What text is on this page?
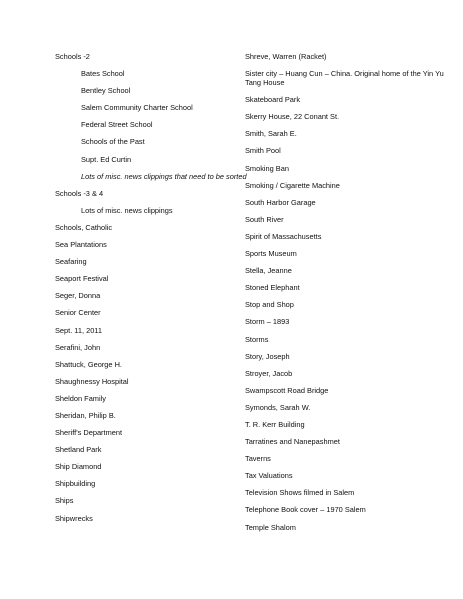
Schools -2
Bates School
Bentley School
Salem Community Charter School
Federal Street School
Schools of the Past
Supt. Ed Curtin
Lots of misc. news clippings that need to be sorted
Schools -3 & 4
Lots of misc. news clippings
Schools, Catholic
Sea Plantations
Seafaring
Seaport Festival
Seger, Donna
Senior Center
Sept. 11, 2011
Serafini, John
Shattuck, George H.
Shaughnessy Hospital
Sheldon Family
Sheridan, Philip B.
Sheriff's Department
Shetland Park
Ship Diamond
Shipbuilding
Ships
Shipwrecks
Shreve, Warren (Racket)
Sister city – Huang Cun – China. Original home of the Yin Yu Tang House
Skateboard Park
Skerry House, 22 Conant St.
Smith, Sarah E.
Smith Pool
Smoking Ban
Smoking / Cigarette Machine
South Harbor Garage
South River
Spirit of Massachusetts
Sports Museum
Stella, Jeanne
Stoned Elephant
Stop and Shop
Storm – 1893
Storms
Story, Joseph
Stroyer, Jacob
Swampscott Road Bridge
Symonds, Sarah W.
T. R. Kerr Building
Tarratines and Nanepashmet
Taverns
Tax Valuations
Television Shows filmed in Salem
Telephone Book cover – 1970 Salem
Temple Shalom
